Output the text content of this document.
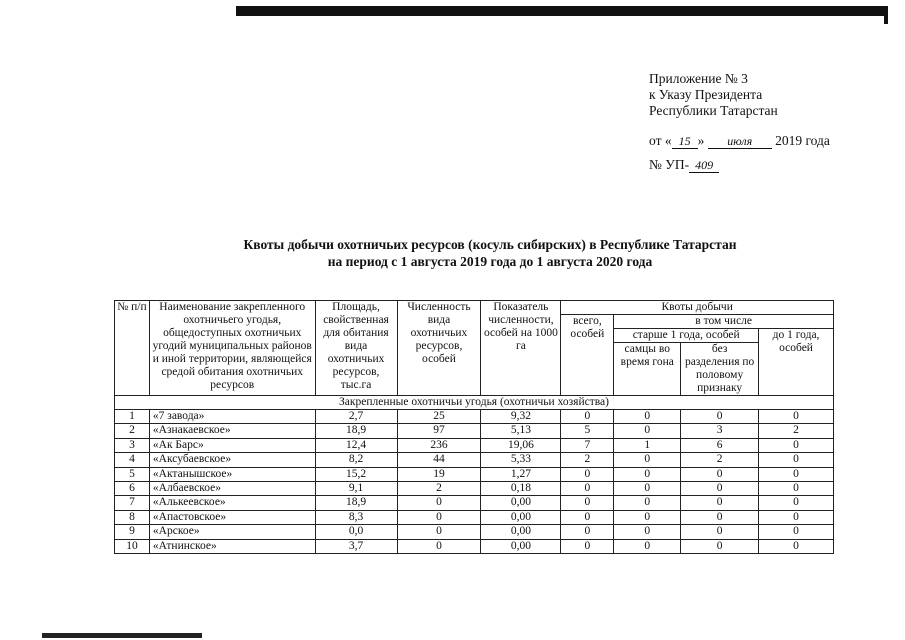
Приложение № 3
к Указу Президента
Республики Татарстан
от « 15 » июля 2019 года
№ УП- 409
Квоты добычи охотничьих ресурсов (косуль сибирских) в Республике Татарстан
на период с 1 августа 2019 года до 1 августа 2020 года
№ п/п	Наименование закрепленного охотничьего угодья, общедоступных охотничьих угодий муниципальных районов и иной территории, являющейся средой обитания охотничьих ресурсов	Площадь, свойственная для обитания вида охотничьих ресурсов, тыс.га	Численность вида охотничьих ресурсов, особей	Показатель численности, особей на 1000 га	Квоты добычи			
					всего, особей	в том числе		
						старше 1 года, особей		до 1 года, особей
						самцы во время гона	без разделения по половому признаку	
Закрепленные охотничьи угодья (охотничьи хозяйства)								
1	«7 завода»	2,7	25	9,32	0	0	0	0
2	«Азнакаевское»	18,9	97	5,13	5	0	3	2
3	«Ак Барс»	12,4	236	19,06	7	1	6	0
4	«Аксубаевское»	8,2	44	5,33	2	0	2	0
5	«Актанышское»	15,2	19	1,27	0	0	0	0
6	«Албаевское»	9,1	2	0,18	0	0	0	0
7	«Алькеевское»	18,9	0	0,00	0	0	0	0
8	«Апастовское»	8,3	0	0,00	0	0	0	0
9	«Арское»	0,0	0	0,00	0	0	0	0
10	«Атнинское»	3,7	0	0,00	0	0	0	0
